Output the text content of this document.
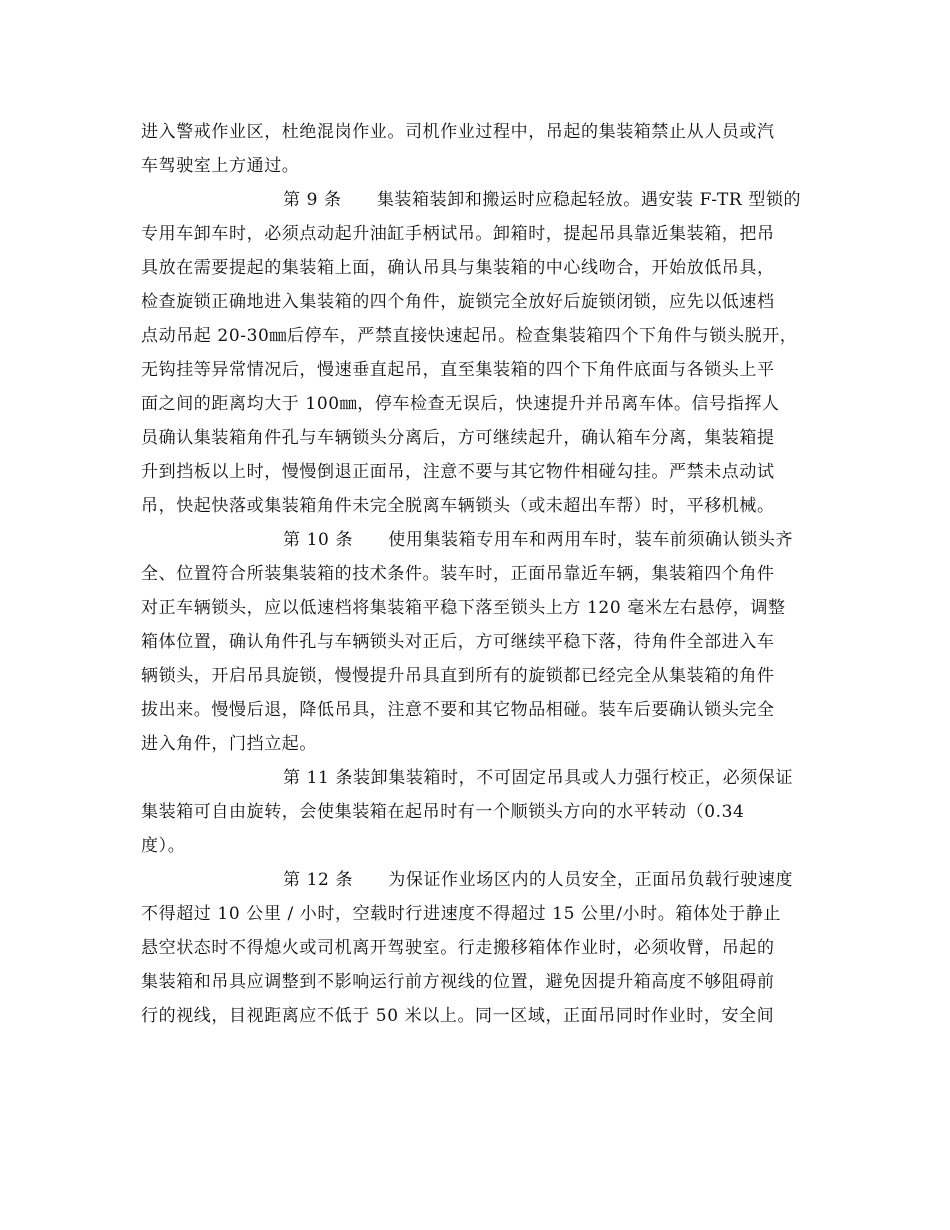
进入警戒作业区，杜绝混岗作业。司机作业过程中，吊起的集装箱禁止从人员或汽
车驾驶室上方通过。
第 9 条　　集装箱装卸和搬运时应稳起轻放。遇安装 F-TR 型锁的
专用车卸车时，必须点动起升油缸手柄试吊。卸箱时，提起吊具靠近集装箱，把吊
具放在需要提起的集装箱上面，确认吊具与集装箱的中心线吻合，开始放低吊具，
检查旋锁正确地进入集装箱的四个角件，旋锁完全放好后旋锁闭锁，应先以低速档
点动吊起 20-30㎜后停车，严禁直接快速起吊。检查集装箱四个下角件与锁头脱开，
无钩挂等异常情况后，慢速垂直起吊，直至集装箱的四个下角件底面与各锁头上平
面之间的距离均大于 100㎜，停车检查无误后，快速提升并吊离车体。信号指挥人
员确认集装箱角件孔与车辆锁头分离后，方可继续起升，确认箱车分离，集装箱提
升到挡板以上时，慢慢倒退正面吊，注意不要与其它物件相碰勾挂。严禁未点动试
吊，快起快落或集装箱角件未完全脱离车辆锁头（或未超出车帮）时，平移机械。
第 10 条　　使用集装箱专用车和两用车时，装车前须确认锁头齐
全、位置符合所装集装箱的技术条件。装车时，正面吊靠近车辆，集装箱四个角件
对正车辆锁头，应以低速档将集装箱平稳下落至锁头上方 120 毫米左右悬停，调整
箱体位置，确认角件孔与车辆锁头对正后，方可继续平稳下落，待角件全部进入车
辆锁头，开启吊具旋锁，慢慢提升吊具直到所有的旋锁都已经完全从集装箱的角件
拔出来。慢慢后退，降低吊具，注意不要和其它物品相碰。装车后要确认锁头完全
进入角件，门挡立起。
第 11 条装卸集装箱时，不可固定吊具或人力强行校正，必须保证
集装箱可自由旋转，会使集装箱在起吊时有一个顺锁头方向的水平转动（0.34
度）。
第 12 条　　为保证作业场区内的人员安全，正面吊负载行驶速度
不得超过 10 公里 / 小时，空载时行进速度不得超过 15 公里/小时。箱体处于静止
悬空状态时不得熄火或司机离开驾驶室。行走搬移箱体作业时，必须收臂，吊起的
集装箱和吊具应调整到不影响运行前方视线的位置，避免因提升箱高度不够阻碍前
行的视线，目视距离应不低于 50 米以上。同一区域，正面吊同时作业时，安全间
